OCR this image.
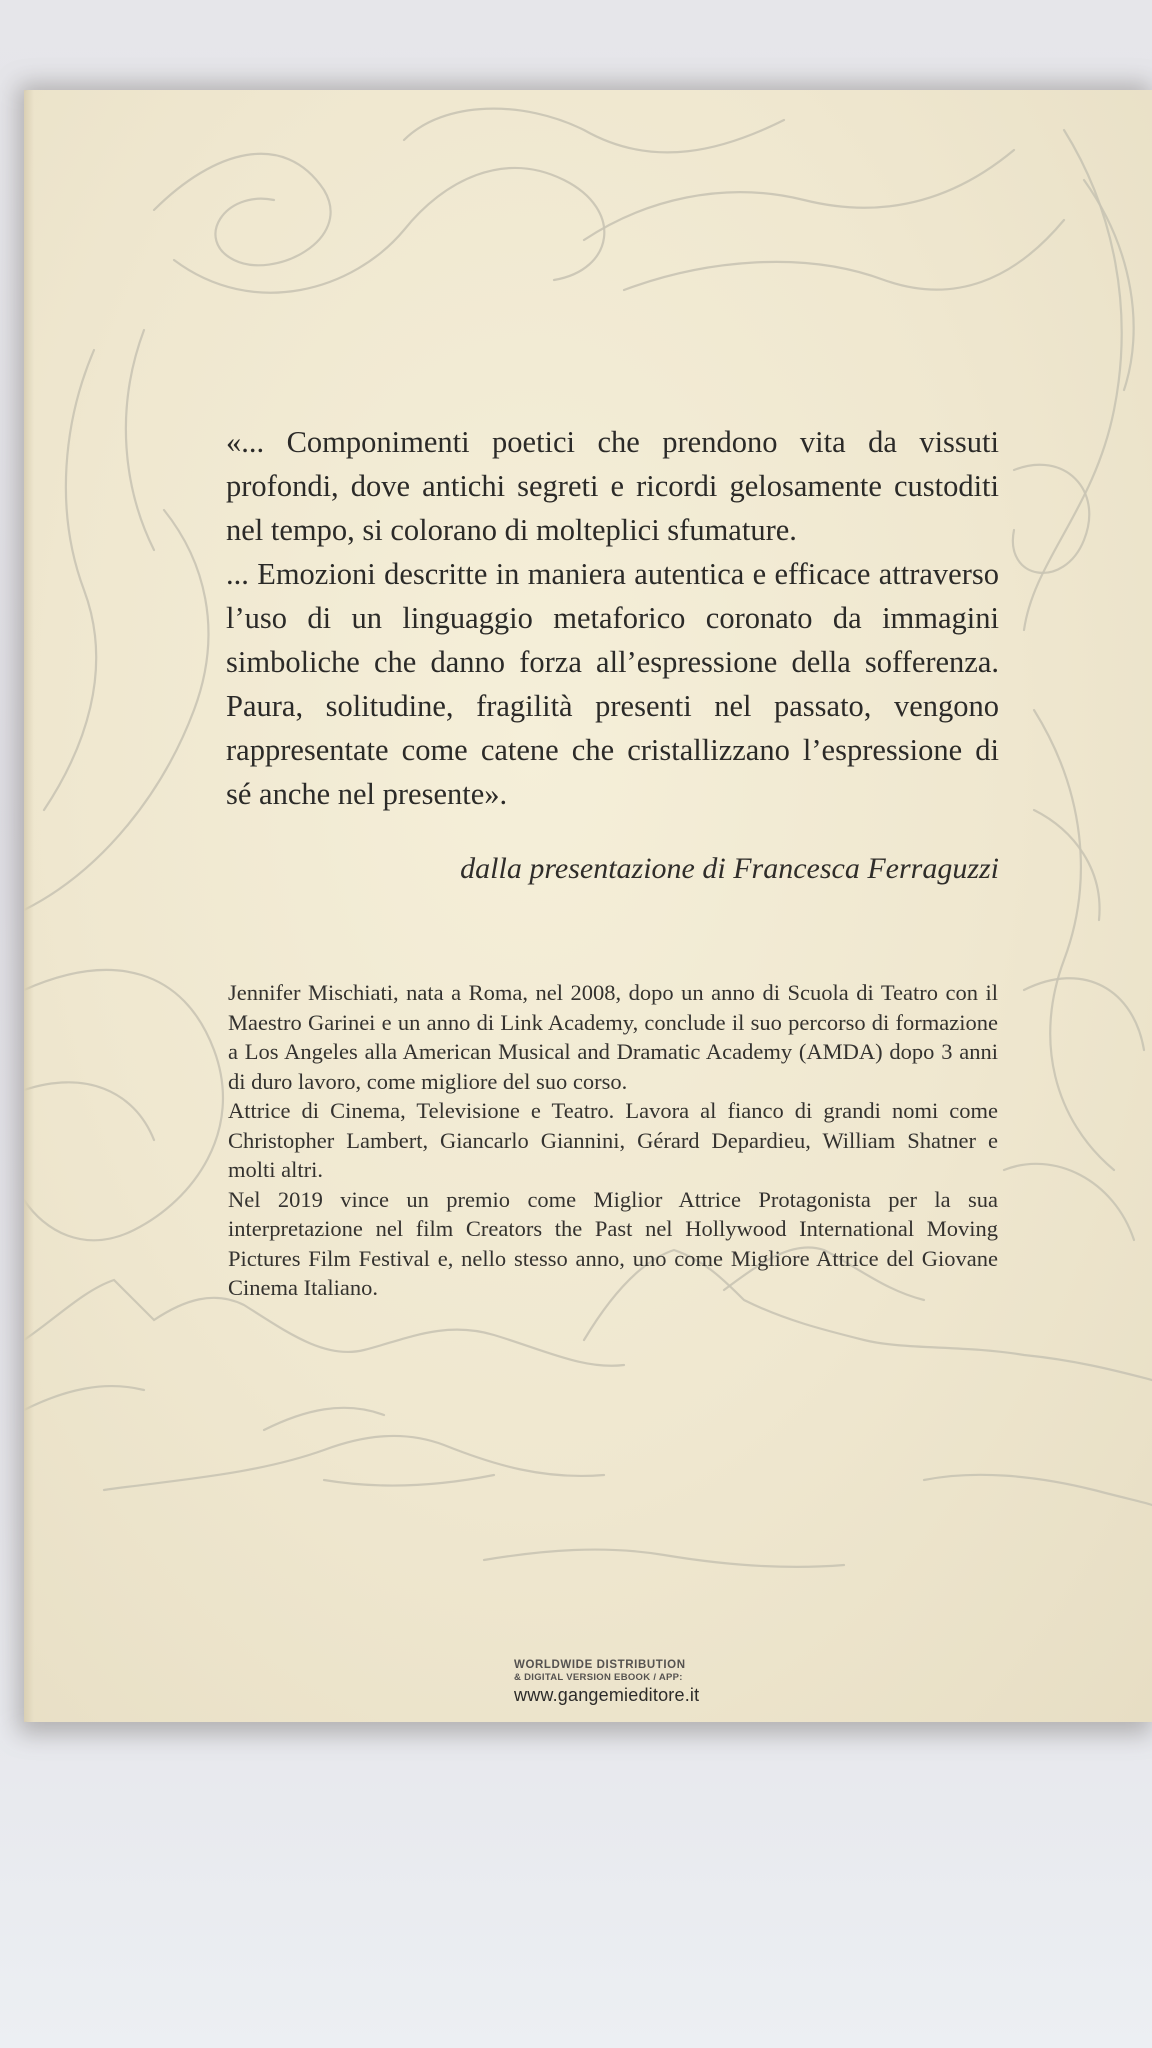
«... Componimenti poetici che prendono vita da vissuti profondi, dove antichi segreti e ricordi gelosamente custoditi nel tempo, si colorano di molteplici sfumature.

... Emozioni descritte in maniera autentica e efficace attraverso l’uso di un linguaggio metaforico coronato da immagini simboliche che danno forza all’espressione della sofferenza. Paura, solitudine, fragilità presenti nel passato, vengono rappresentate come catene che cristallizzano l’espressione di sé anche nel presente».

dalla presentazione di Francesca Ferraguzzi

Jennifer Mischiati, nata a Roma, nel 2008, dopo un anno di Scuola di Teatro con il Maestro Garinei e un anno di Link Academy, conclude il suo percorso di formazione a Los Angeles alla American Musical and Dramatic Academy (AMDA) dopo 3 anni di duro lavoro, come migliore del suo corso.

Attrice di Cinema, Televisione e Teatro. Lavora al fianco di grandi nomi come Christopher Lambert, Giancarlo Giannini, Gérard Depardieu, William Shatner e molti altri.

Nel 2019 vince un premio come Miglior Attrice Protagonista per la sua interpretazione nel film Creators the Past nel Hollywood International Moving Pictures Film Festival e, nello stesso anno, uno come Migliore Attrice del Giovane Cinema Italiano.

WORLDWIDE DISTRIBUTION
& DIGITAL VERSION EBOOK / APP:
www.gangemieditore.it
